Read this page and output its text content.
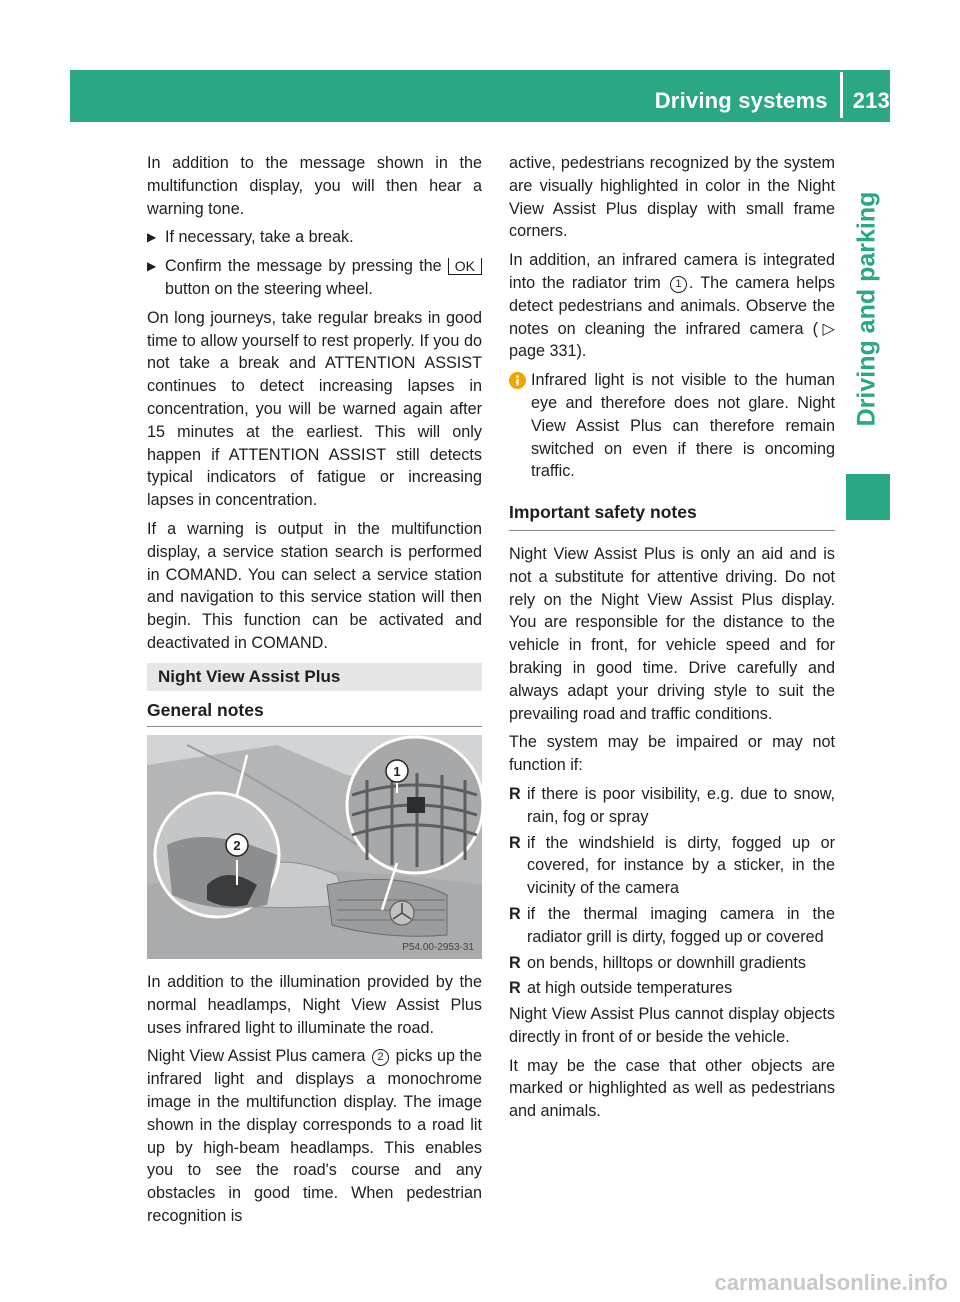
Driving systems 213
Driving and parking

In addition to the message shown in the multifunction display, you will then hear a warning tone.

▶ If necessary, take a break.
▶ Confirm the message by pressing the OK button on the steering wheel.

On long journeys, take regular breaks in good time to allow yourself to rest properly. If you do not take a break and ATTENTION ASSIST continues to detect increasing lapses in concentration, you will be warned again after 15 minutes at the earliest. This will only happen if ATTENTION ASSIST still detects typical indicators of fatigue or increasing lapses in concentration.

If a warning is output in the multifunction display, a service station search is performed in COMAND. You can select a service station and navigation to this service station will then begin. This function can be activated and deactivated in COMAND.

Night View Assist Plus
General notes
2
1
P54.00-2953-31

In addition to the illumination provided by the normal headlamps, Night View Assist Plus uses infrared light to illuminate the road.

Night View Assist Plus camera 2 picks up the infrared light and displays a monochrome image in the multifunction display. The image shown in the display corresponds to a road lit up by high-beam headlamps. This enables you to see the road's course and any obstacles in good time. When pedestrian recognition is

active, pedestrians recognized by the system are visually highlighted in color in the Night View Assist Plus display with small frame corners.

In addition, an infrared camera is integrated into the radiator trim 1 . The camera helps detect pedestrians and animals. Observe the notes on cleaning the infrared camera (▷ page 331).

Infrared light is not visible to the human eye and therefore does not glare. Night View Assist Plus can therefore remain switched on even if there is oncoming traffic.
Important safety notes

Night View Assist Plus is only an aid and is not a substitute for attentive driving. Do not rely on the Night View Assist Plus display. You are responsible for the distance to the vehicle in front, for vehicle speed and for braking in good time. Drive carefully and always adapt your driving style to suit the prevailing road and traffic conditions.

The system may be impaired or may not function if:

R if there is poor visibility, e.g. due to snow, rain, fog or spray
R if the windshield is dirty, fogged up or covered, for instance by a sticker, in the vicinity of the camera
R if the thermal imaging camera in the radiator grill is dirty, fogged up or covered
R on bends, hilltops or downhill gradients
R at high outside temperatures

Night View Assist Plus cannot display objects directly in front of or beside the vehicle.

It may be the case that other objects are marked or highlighted as well as pedestrians and animals.

carmanualsonline.info
